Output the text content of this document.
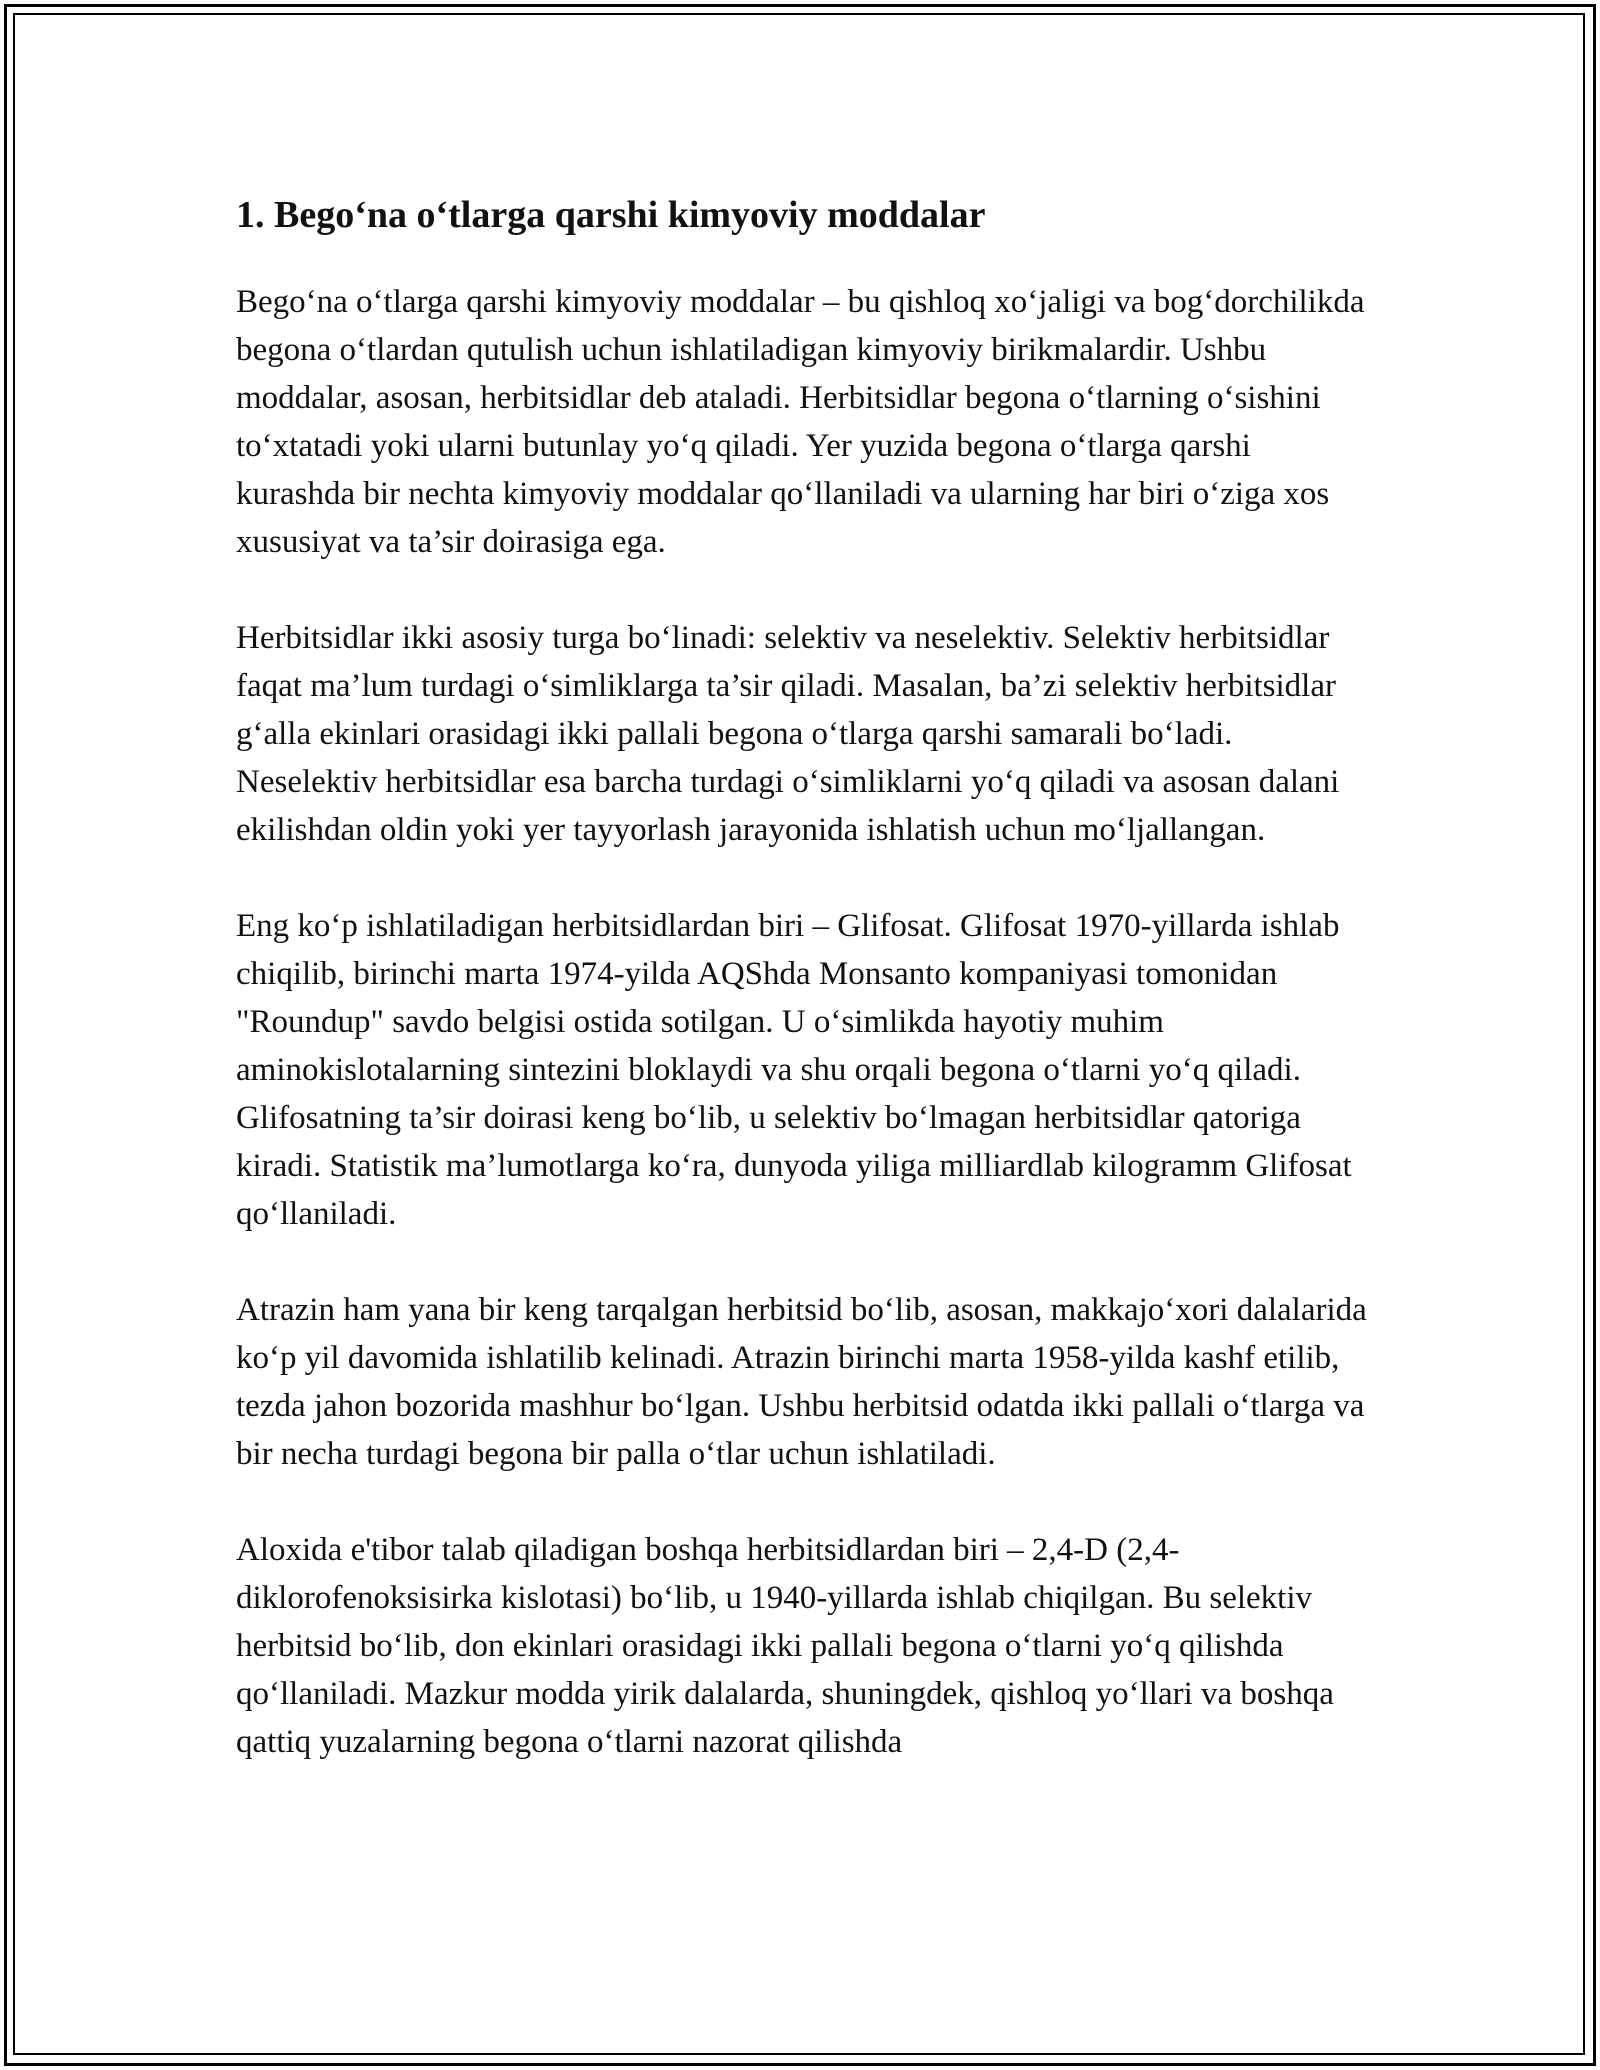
1. Bego‘na o‘tlarga qarshi kimyoviy moddalar

Bego‘na o‘tlarga qarshi kimyoviy moddalar – bu qishloq xo‘jaligi va bog‘dorchilikda begona o‘tlardan qutulish uchun ishlatiladigan kimyoviy birikmalardir. Ushbu moddalar, asosan, herbitsidlar deb ataladi. Herbitsidlar begona o‘tlarning o‘sishini to‘xtatadi yoki ularni butunlay yo‘q qiladi. Yer yuzida begona o‘tlarga qarshi kurashda bir nechta kimyoviy moddalar qo‘llaniladi va ularning har biri o‘ziga xos xususiyat va ta’sir doirasiga ega.

Herbitsidlar ikki asosiy turga bo‘linadi: selektiv va neselektiv. Selektiv herbitsidlar faqat ma’lum turdagi o‘simliklarga ta’sir qiladi. Masalan, ba’zi selektiv herbitsidlar g‘alla ekinlari orasidagi ikki pallali begona o‘tlarga qarshi samarali bo‘ladi. Neselektiv herbitsidlar esa barcha turdagi o‘simliklarni yo‘q qiladi va asosan dalani ekilishdan oldin yoki yer tayyorlash jarayonida ishlatish uchun mo‘ljallangan.

Eng ko‘p ishlatiladigan herbitsidlardan biri – Glifosat. Glifosat 1970-yillarda ishlab chiqilib, birinchi marta 1974-yilda AQShda Monsanto kompaniyasi tomonidan "Roundup" savdo belgisi ostida sotilgan. U o‘simlikda hayotiy muhim aminokislotalarning sintezini bloklaydi va shu orqali begona o‘tlarni yo‘q qiladi. Glifosatning ta’sir doirasi keng bo‘lib, u selektiv bo‘lmagan herbitsidlar qatoriga kiradi. Statistik ma’lumotlarga ko‘ra, dunyoda yiliga milliardlab kilogramm Glifosat qo‘llaniladi.

Atrazin ham yana bir keng tarqalgan herbitsid bo‘lib, asosan, makkajo‘xori dalalarida ko‘p yil davomida ishlatilib kelinadi. Atrazin birinchi marta 1958-yilda kashf etilib, tezda jahon bozorida mashhur bo‘lgan. Ushbu herbitsid odatda ikki pallali o‘tlarga va bir necha turdagi begona bir palla o‘tlar uchun ishlatiladi.

Aloxida e'tibor talab qiladigan boshqa herbitsidlardan biri – 2,4-D (2,4-diklorofenoksisirka kislotasi) bo‘lib, u 1940-yillarda ishlab chiqilgan. Bu selektiv herbitsid bo‘lib, don ekinlari orasidagi ikki pallali begona o‘tlarni yo‘q qilishda qo‘llaniladi. Mazkur modda yirik dalalarda, shuningdek, qishloq yo‘llari va boshqa qattiq yuzalarning begona o‘tlarni nazorat qilishda
